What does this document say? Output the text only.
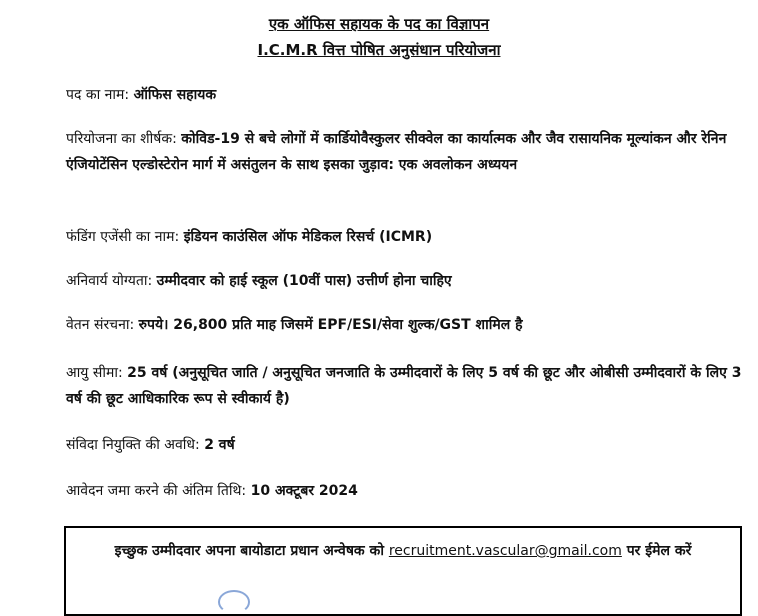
एक ऑफिस सहायक के पद का विज्ञापन
I.C.M.R वित्त पोषित अनुसंधान परियोजना
पद का नाम: ऑफिस सहायक
परियोजना का शीर्षक: कोविड-19 से बचे लोगों में कार्डियोवैस्कुलर सीक्वेल का कार्यात्मक और जैव रासायनिक मूल्यांकन और रेनिन एंजियोटेंसिन एल्डोस्टेरोन मार्ग में असंतुलन के साथ इसका जुड़ाव: एक अवलोकन अध्ययन
फंडिंग एजेंसी का नाम: इंडियन काउंसिल ऑफ मेडिकल रिसर्च (ICMR)
अनिवार्य योग्यता: उम्मीदवार को हाई स्कूल (10वीं पास) उत्तीर्ण होना चाहिए
वेतन संरचना: रुपये। 26,800 प्रति माह जिसमें EPF/ESI/सेवा शुल्क/GST शामिल है
आयु सीमा: 25 वर्ष (अनुसूचित जाति / अनुसूचित जनजाति के उम्मीदवारों के लिए 5 वर्ष की छूट और ओबीसी उम्मीदवारों के लिए 3 वर्ष की छूट आधिकारिक रूप से स्वीकार्य है)
संविदा नियुक्ति की अवधि: 2 वर्ष
आवेदन जमा करने की अंतिम तिथि: 10 अक्टूबर 2024
इच्छुक उम्मीदवार अपना बायोडाटा प्रधान अन्वेषक को recruitment.vascular@gmail.com पर ईमेल करें
